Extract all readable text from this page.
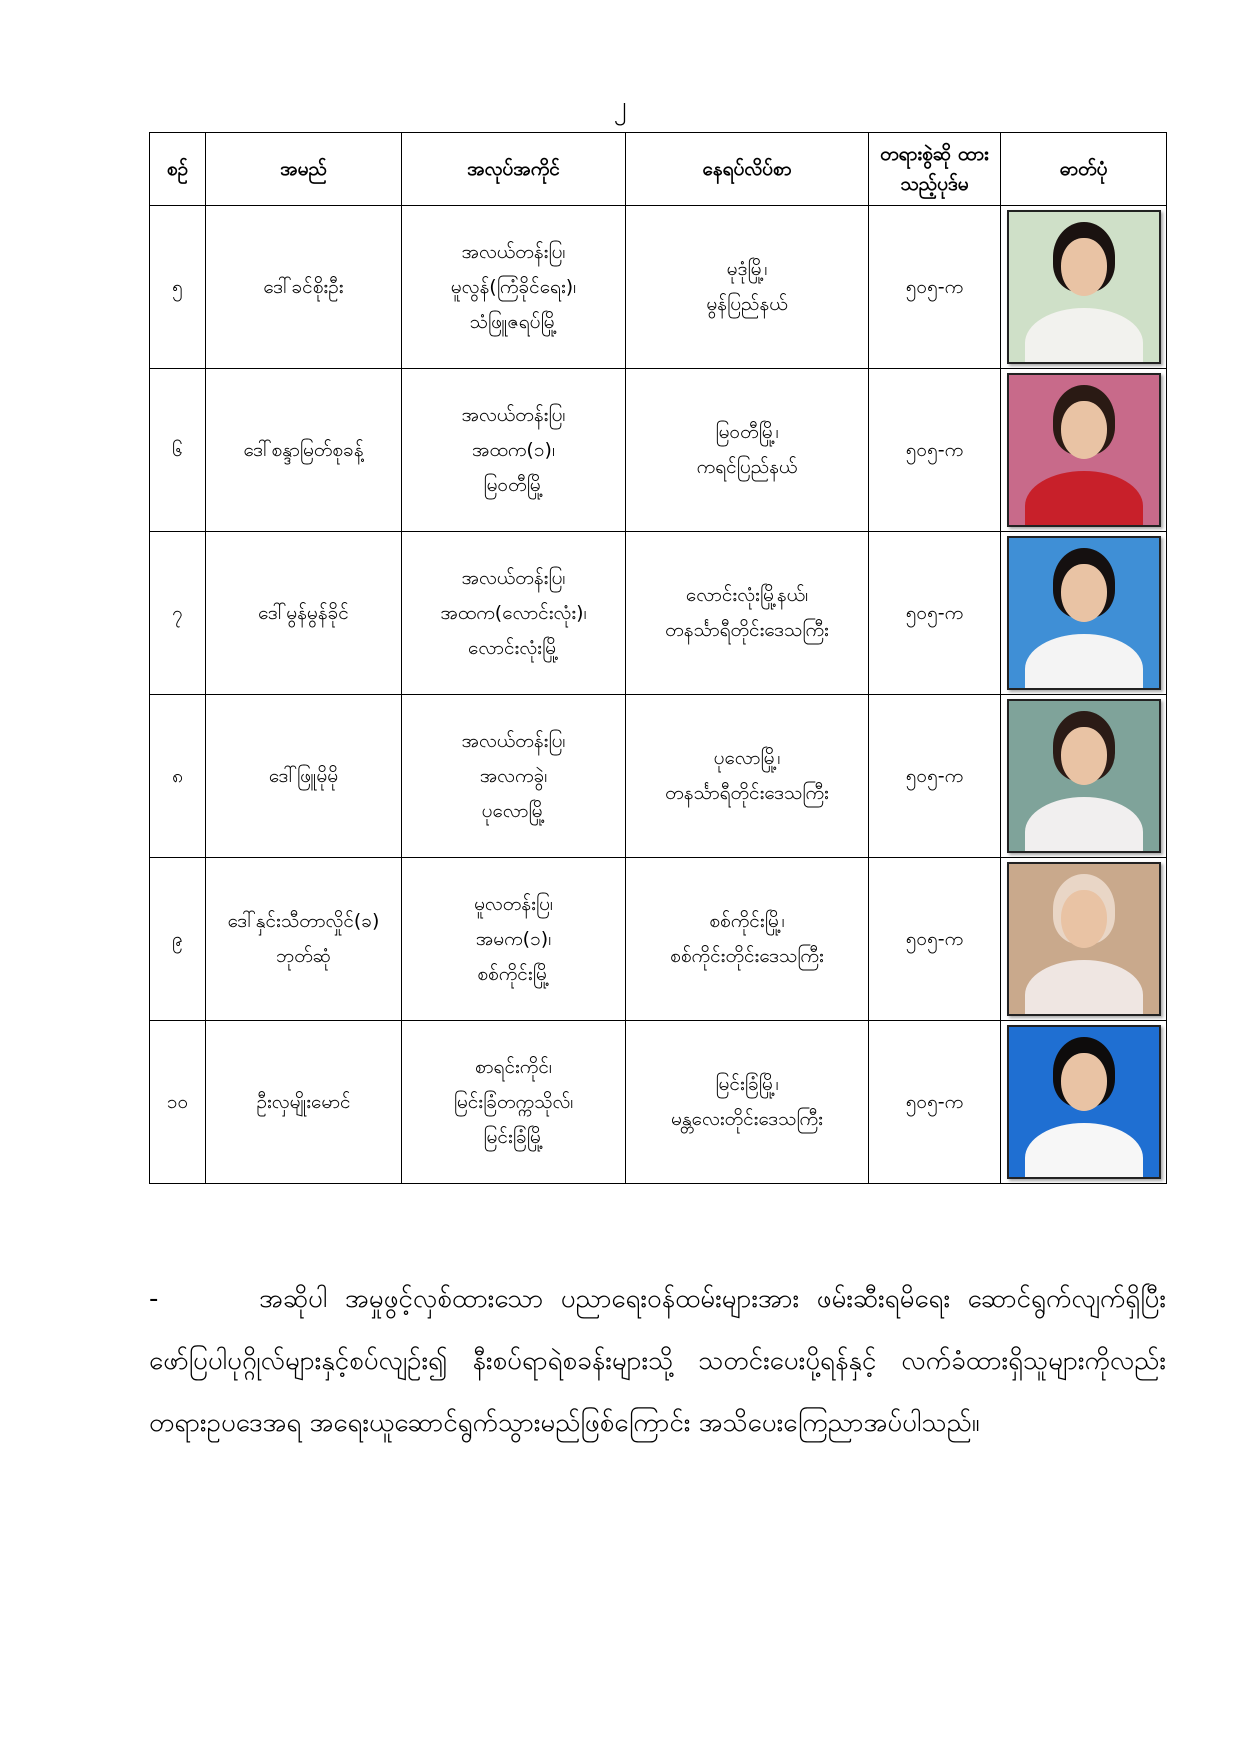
၂
စဉ်	အမည်	အလုပ်အကိုင်	နေရပ်လိပ်စာ	တရားစွဲဆို ထားသည့်ပုဒ်မ	ဓာတ်ပုံ
၅	ဒေါ်ခင်စိုးဦး	အလယ်တန်းပြ၊
မူလွန်(ကြံခိုင်ရေး)၊
သံဖြူဇရပ်မြို့	မုဒုံမြို့၊
မွန်ပြည်နယ်	၅၀၅-က	

၆	ဒေါ်စန္ဒာမြတ်စုခန့်	အလယ်တန်းပြ၊
အထက(၁)၊
မြဝတီမြို့	မြဝတီမြို့၊
ကရင်ပြည်နယ်	၅၀၅-က	

၇	ဒေါ်မွန်မွန်ခိုင်	အလယ်တန်းပြ၊
အထက(လောင်းလုံး)၊
လောင်းလုံးမြို့	လောင်းလုံးမြို့နယ်၊
တနင်္သာရီတိုင်းဒေသကြီး	၅၀၅-က	

၈	ဒေါ်ဖြူမိုမို	အလယ်တန်းပြ၊
အလကခွဲ၊
ပုလောမြို့	ပုလောမြို့၊
တနင်္သာရီတိုင်းဒေသကြီး	၅၀၅-က	

၉	ဒေါ်နှင်းသီတာလှိုင်(ခ)
ဘုတ်ဆုံ	မူလတန်းပြ၊
အမက(၁)၊
စစ်ကိုင်းမြို့	စစ်ကိုင်းမြို့၊
စစ်ကိုင်းတိုင်းဒေသကြီး	၅၀၅-က	

၁၀	ဦးလှမျိုးမောင်	စာရင်းကိုင်၊
မြင်းခြံတက္ကသိုလ်၊
မြင်းခြံမြို့	မြင်းခြံမြို့၊
မန္တလေးတိုင်းဒေသကြီး	၅၀၅-က	
-	အဆိုပါ အမှုဖွင့်လှစ်ထားသော ပညာရေးဝန်ထမ်းများအား ဖမ်းဆီးရမိရေး ဆောင်ရွက်လျက်ရှိပြီး ဖော်ပြပါပုဂ္ဂိုလ်များနှင့်စပ်လျဉ်း၍ နီးစပ်ရာရဲစခန်းများသို့ သတင်းပေးပို့ရန်နှင့် လက်ခံထားရှိသူများကိုလည်း တရားဥပဒေအရ အရေးယူဆောင်ရွက်သွားမည်ဖြစ်ကြောင်း အသိပေးကြေညာအပ်ပါသည်။
